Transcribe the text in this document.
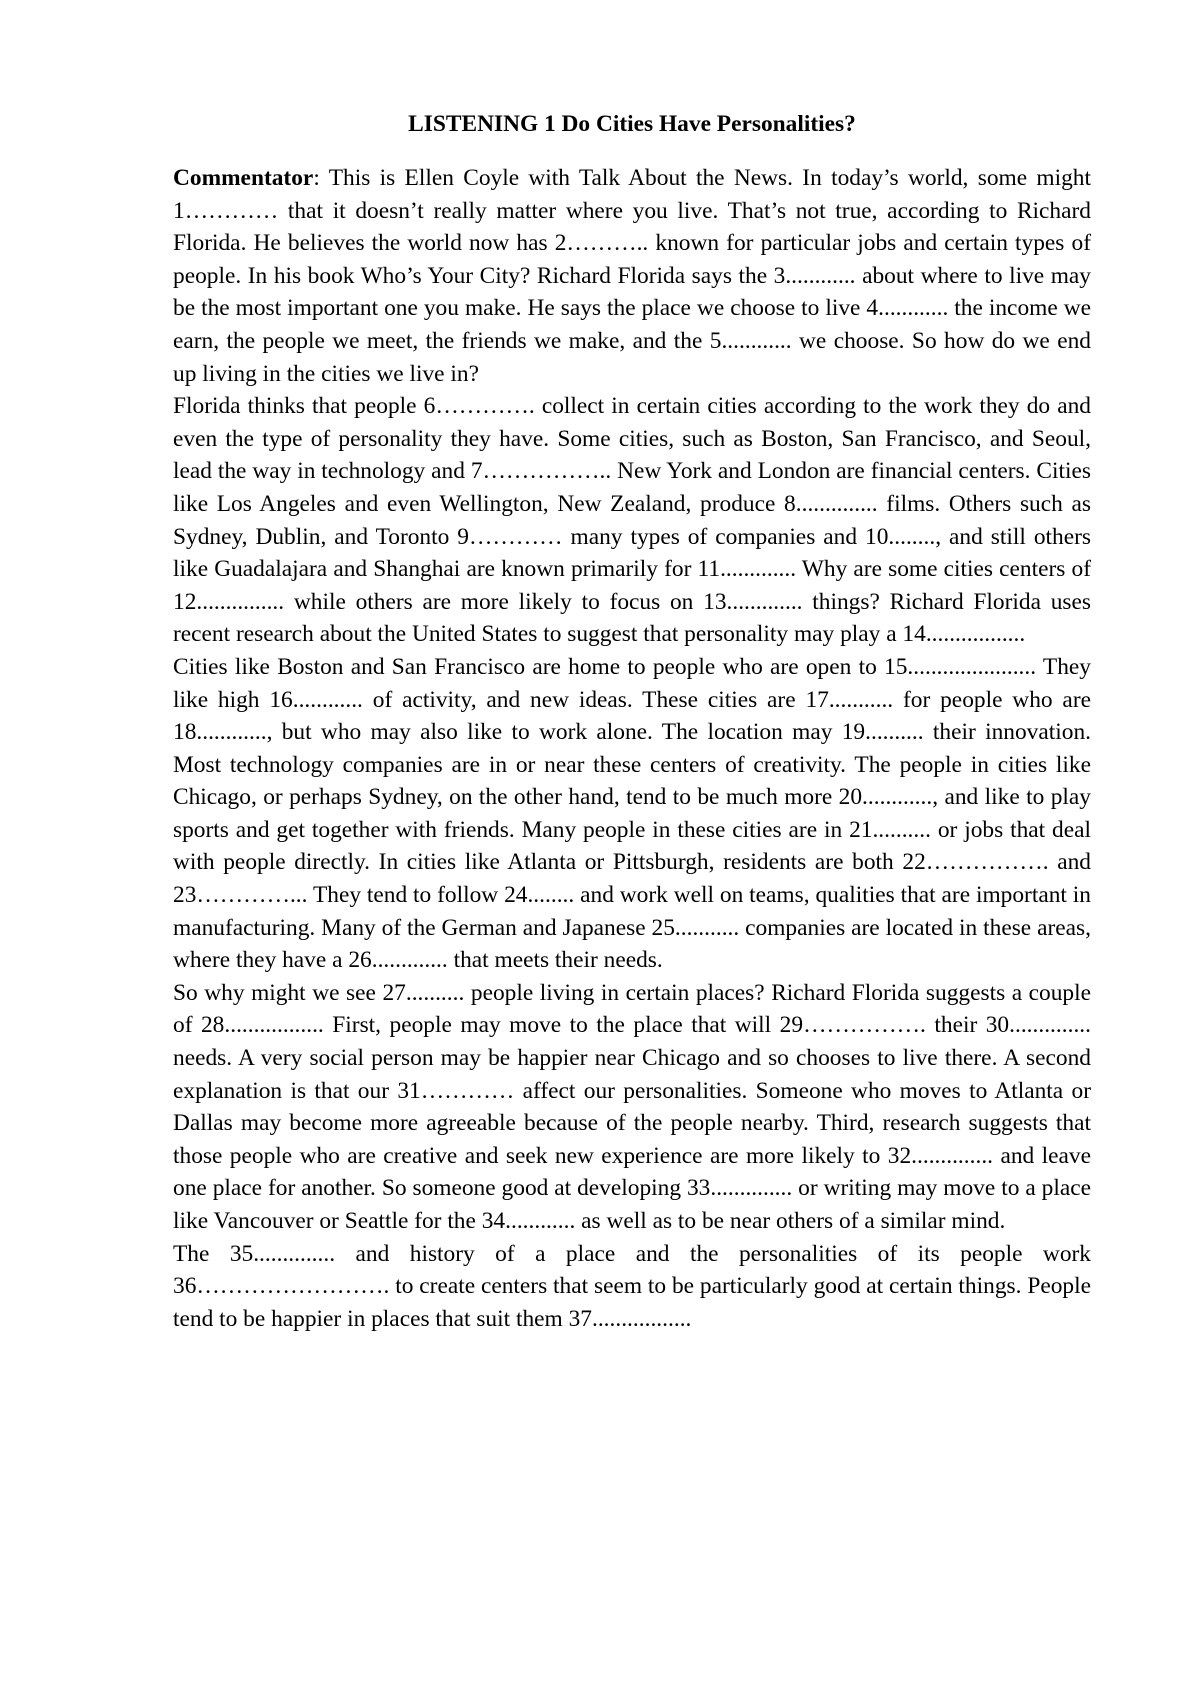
LISTENING 1 Do Cities Have Personalities?

Commentator: This is Ellen Coyle with Talk About the News. In today’s world, some might 1………… that it doesn’t really matter where you live. That’s not true, according to Richard Florida. He believes the world now has 2……….. known for particular jobs and certain types of people. In his book Who’s Your City? Richard Florida says the 3............ about where to live may be the most important one you make. He says the place we choose to live 4............ the income we earn, the people we meet, the friends we make, and the 5............ we choose. So how do we end up living in the cities we live in?

Florida thinks that people 6…………. collect in certain cities according to the work they do and even the type of personality they have. Some cities, such as Boston, San Francisco, and Seoul, lead the way in technology and 7…………….. New York and London are financial centers. Cities like Los Angeles and even Wellington, New Zealand, produce 8.............. films. Others such as Sydney, Dublin, and Toronto 9………… many types of companies and 10........, and still others like Guadalajara and Shanghai are known primarily for 11............. Why are some cities centers of 12............... while others are more likely to focus on 13............. things? Richard Florida uses recent research about the United States to suggest that personality may play a 14.................

Cities like Boston and San Francisco are home to people who are open to 15...................... They like high 16............ of activity, and new ideas. These cities are 17........... for people who are 18............, but who may also like to work alone. The location may 19.......... their innovation. Most technology companies are in or near these centers of creativity. The people in cities like Chicago, or perhaps Sydney, on the other hand, tend to be much more 20............, and like to play sports and get together with friends. Many people in these cities are in 21.......... or jobs that deal with people directly. In cities like Atlanta or Pittsburgh, residents are both 22……………. and 23…………... They tend to follow 24........ and work well on teams, qualities that are important in manufacturing. Many of the German and Japanese 25........... companies are located in these areas, where they have a 26............. that meets their needs.

So why might we see 27.......... people living in certain places? Richard Florida suggests a couple of 28................. First, people may move to the place that will 29……………. their 30.............. needs. A very social person may be happier near Chicago and so chooses to live there. A second explanation is that our 31………… affect our personalities. Someone who moves to Atlanta or Dallas may become more agreeable because of the people nearby. Third, research suggests that those people who are creative and seek new experience are more likely to 32.............. and leave one place for another. So someone good at developing 33.............. or writing may move to a place like Vancouver or Seattle for the 34............ as well as to be near others of a similar mind.

The 35.............. and history of a place and the personalities of its people work 36……………………. to create centers that seem to be particularly good at certain things. People tend to be happier in places that suit them 37.................
